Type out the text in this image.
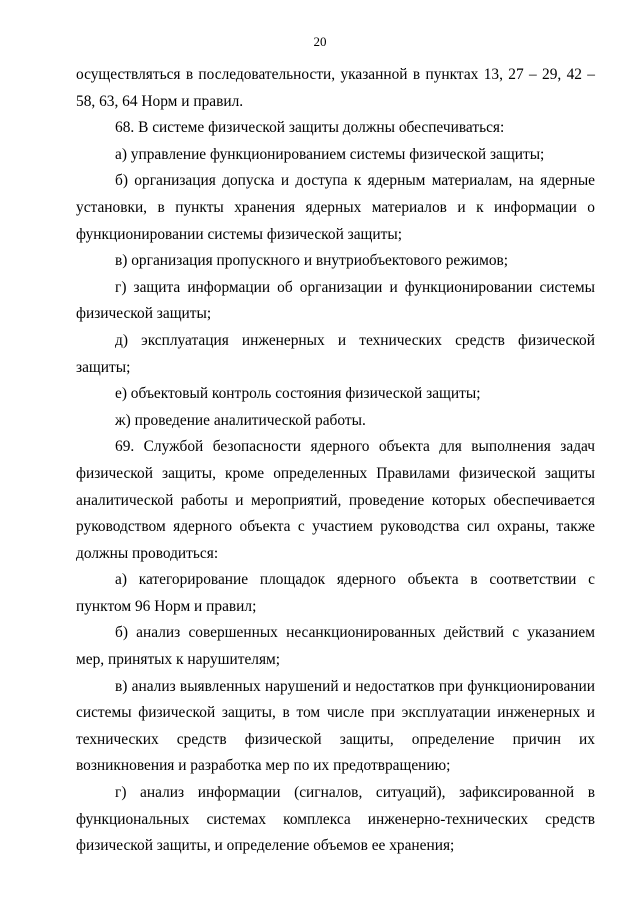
20

осуществляться в последовательности, указанной в пунктах 13, 27 – 29, 42 – 58, 63, 64 Норм и правил.

68. В системе физической защиты должны обеспечиваться:

а) управление функционированием системы физической защиты;

б) организация допуска и доступа к ядерным материалам, на ядерные установки, в пункты хранения ядерных материалов и к информации о функционировании системы физической защиты;

в) организация пропускного и внутриобъектового режимов;

г) защита информации об организации и функционировании системы физической защиты;

д) эксплуатация инженерных и технических средств физической защиты;

е) объектовый контроль состояния физической защиты;

ж) проведение аналитической работы.

69. Службой безопасности ядерного объекта для выполнения задач физической защиты, кроме определенных Правилами физической защиты аналитической работы и мероприятий, проведение которых обеспечивается руководством ядерного объекта с участием руководства сил охраны, также должны проводиться:

а) категорирование площадок ядерного объекта в соответствии с пунктом 96 Норм и правил;

б) анализ совершенных несанкционированных действий с указанием мер, принятых к нарушителям;

в) анализ выявленных нарушений и недостатков при функционировании системы физической защиты, в том числе при эксплуатации инженерных и технических средств физической защиты, определение причин их возникновения и разработка мер по их предотвращению;

г) анализ информации (сигналов, ситуаций), зафиксированной в функциональных системах комплекса инженерно-технических средств физической защиты, и определение объемов ее хранения;
